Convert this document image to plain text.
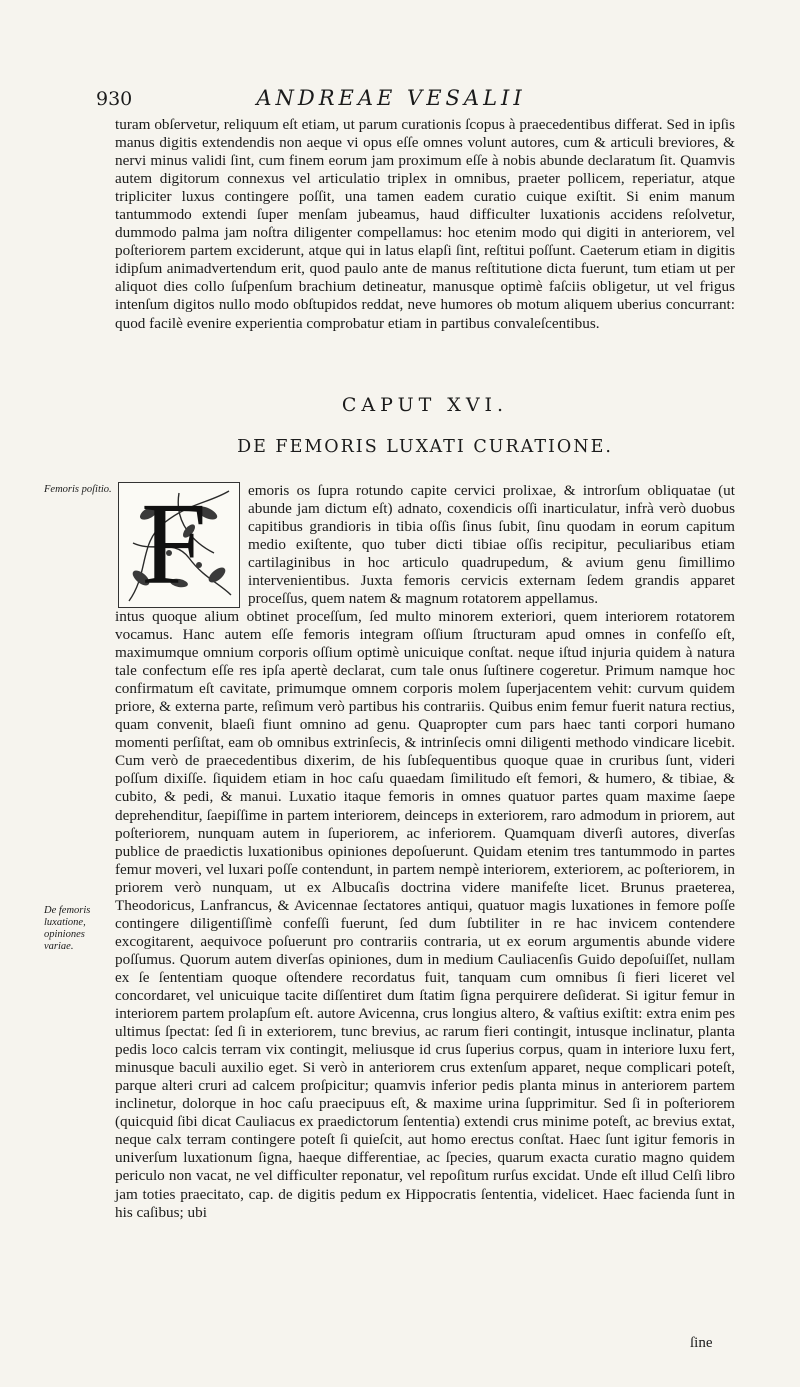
930	ANDREAE VESALII

turam obſervetur, reliquum eſt etiam, ut parum curationis ſcopus à praecedentibus differat. Sed in ipſis manus digitis extendendis non aeque vi opus eſſe omnes volunt autores, cum & articuli breviores, & nervi minus validi ſint, cum finem eorum jam proximum eſſe à nobis abunde declaratum ſit. Quamvis autem digitorum connexus vel articulatio triplex in omnibus, praeter pollicem, reperiatur, atque tripliciter luxus contingere poſſit, una tamen eadem curatio cuique exiſtit. Si enim manum tantummodo extendi ſuper menſam jubeamus, haud difficulter luxationis accidens reſolvetur, dummodo palma jam noſtra diligenter compellamus: hoc etenim modo qui digiti in anteriorem, vel poſteriorem partem exciderunt, atque qui in latus elapſi ſint, reſtitui poſſunt. Caeterum etiam in digitis idipſum animadvertendum erit, quod paulo ante de manus reſtitutione dicta fuerunt, tum etiam ut per aliquot dies collo ſuſpenſum brachium detineatur, manusque optimè faſciis obligetur, ut vel frigus intenſum digitos nullo modo obſtupidos reddat, neve humores ob motum aliquem uberius concurrant: quod facilè evenire experientia comprobatur etiam in partibus convaleſcentibus.

CAPUT XVI.
DE FEMORIS LUXATI CURATIONE.
F	emoris os ſupra rotundo capite cervici prolixae, & introrſum obliquatae (ut abunde jam dictum eſt) adnato, coxendicis oſſi inarticulatur, infrà verò duobus capitibus grandioris in tibia oſſis ſinus ſubit, ſinu quodam in eorum capitum medio exiſtente, quo tuber dicti tibiae oſſis recipitur, peculiaribus etiam cartilaginibus in hoc articulo quadrupedum, & avium genu ſimillimo intervenientibus. Juxta femoris cervicis externam ſedem grandis apparet proceſſus, quem natem & magnum rotatorem appellamus.

intus quoque alium obtinet proceſſum, ſed multo minorem exteriori, quem interiorem rotatorem vocamus. Hanc autem eſſe femoris integram oſſium ſtructuram apud omnes in confeſſo eſt, maximumque omnium corporis oſſium optimè unicuique conſtat. neque iſtud injuria quidem à natura tale confectum eſſe res ipſa apertè declarat, cum tale onus ſuſtinere cogeretur. Primum namque hoc confirmatum eſt cavitate, primumque omnem corporis molem ſuperjacentem vehit: curvum quidem priore, & externa parte, reſimum verò partibus his contrariis. Quibus enim femur fuerit natura rectius, quam convenit, blaeſi fiunt omnino ad genu. Quapropter cum pars haec tanti corpori humano momenti perſiſtat, eam ob omnibus extrinſecis, & intrinſecis omni diligenti methodo vindicare licebit. Cum verò de praecedentibus dixerim, de his ſubſequentibus quoque quae in cruribus ſunt, videri poſſum dixiſſe. ſiquidem etiam in hoc caſu quaedam ſimilitudo eſt femori, & humero, & tibiae, & cubito, & pedi, & manui. Luxatio itaque femoris in omnes quatuor partes quam maxime ſaepe deprehenditur, ſaepiſſime in partem interiorem, deinceps in exteriorem, raro admodum in priorem, aut poſteriorem, nunquam autem in ſuperiorem, ac inferiorem. Quamquam diverſi autores, diverſas publice de praedictis luxationibus opiniones depoſuerunt. Quidam etenim tres tantummodo in partes femur moveri, vel luxari poſſe contendunt, in partem nempè interiorem, exteriorem, ac poſteriorem, in priorem verò nunquam, ut ex Albucaſis doctrina videre manifeſte licet. Brunus praeterea, Theodoricus, Lanfrancus, & Avicennae ſectatores antiqui, quatuor magis luxationes in femore poſſe contingere diligentiſſimè confeſſi fuerunt, ſed dum ſubtiliter in re hac invicem contendere excogitarent, aequivoce poſuerunt pro contrariis contraria, ut ex eorum argumentis abunde videre poſſumus. Quorum autem diverſas opiniones, dum in medium Cauliacenſis Guido depoſuiſſet, nullam ex ſe ſententiam quoque oſtendere recordatus fuit, tanquam cum omnibus ſi fieri liceret vel concordaret, vel unicuique tacite diſſentiret dum ſtatim ſigna perquirere deſiderat. Si igitur femur in interiorem partem prolapſum eſt. autore Avicenna, crus longius altero, & vaſtius exiſtit: extra enim pes ultimus ſpectat: ſed ſi in exteriorem, tunc brevius, ac rarum fieri contingit, intusque inclinatur, planta pedis loco calcis terram vix contingit, meliusque id crus ſuperius corpus, quam in interiore luxu fert, minusque baculi auxilio eget. Si verò in anteriorem crus extenſum apparet, neque complicari poteſt, parque alteri cruri ad calcem proſpicitur; quamvis inferior pedis planta minus in anteriorem partem inclinetur, dolorque in hoc caſu praecipuus eſt, & maxime urina ſupprimitur. Sed ſi in poſteriorem (quicquid ſibi dicat Cauliacus ex praedictorum ſententia) extendi crus minime poteſt, ac brevius extat, neque calx terram contingere poteſt ſi quieſcit, aut homo erectus conſtat. Haec ſunt igitur femoris in univerſum luxationum ſigna, haeque differentiae, ac ſpecies, quarum exacta curatio magno quidem periculo non vacat, ne vel difficulter reponatur, vel repoſitum rurſus excidat. Unde eſt illud Celſi libro jam toties praecitato, cap. de digitis pedum ex Hippocratis ſententia, videlicet. Haec facienda ſunt in his caſibus; ubi

Femoris poſitio.
De femoris luxatione, opiniones variae.
ſine
